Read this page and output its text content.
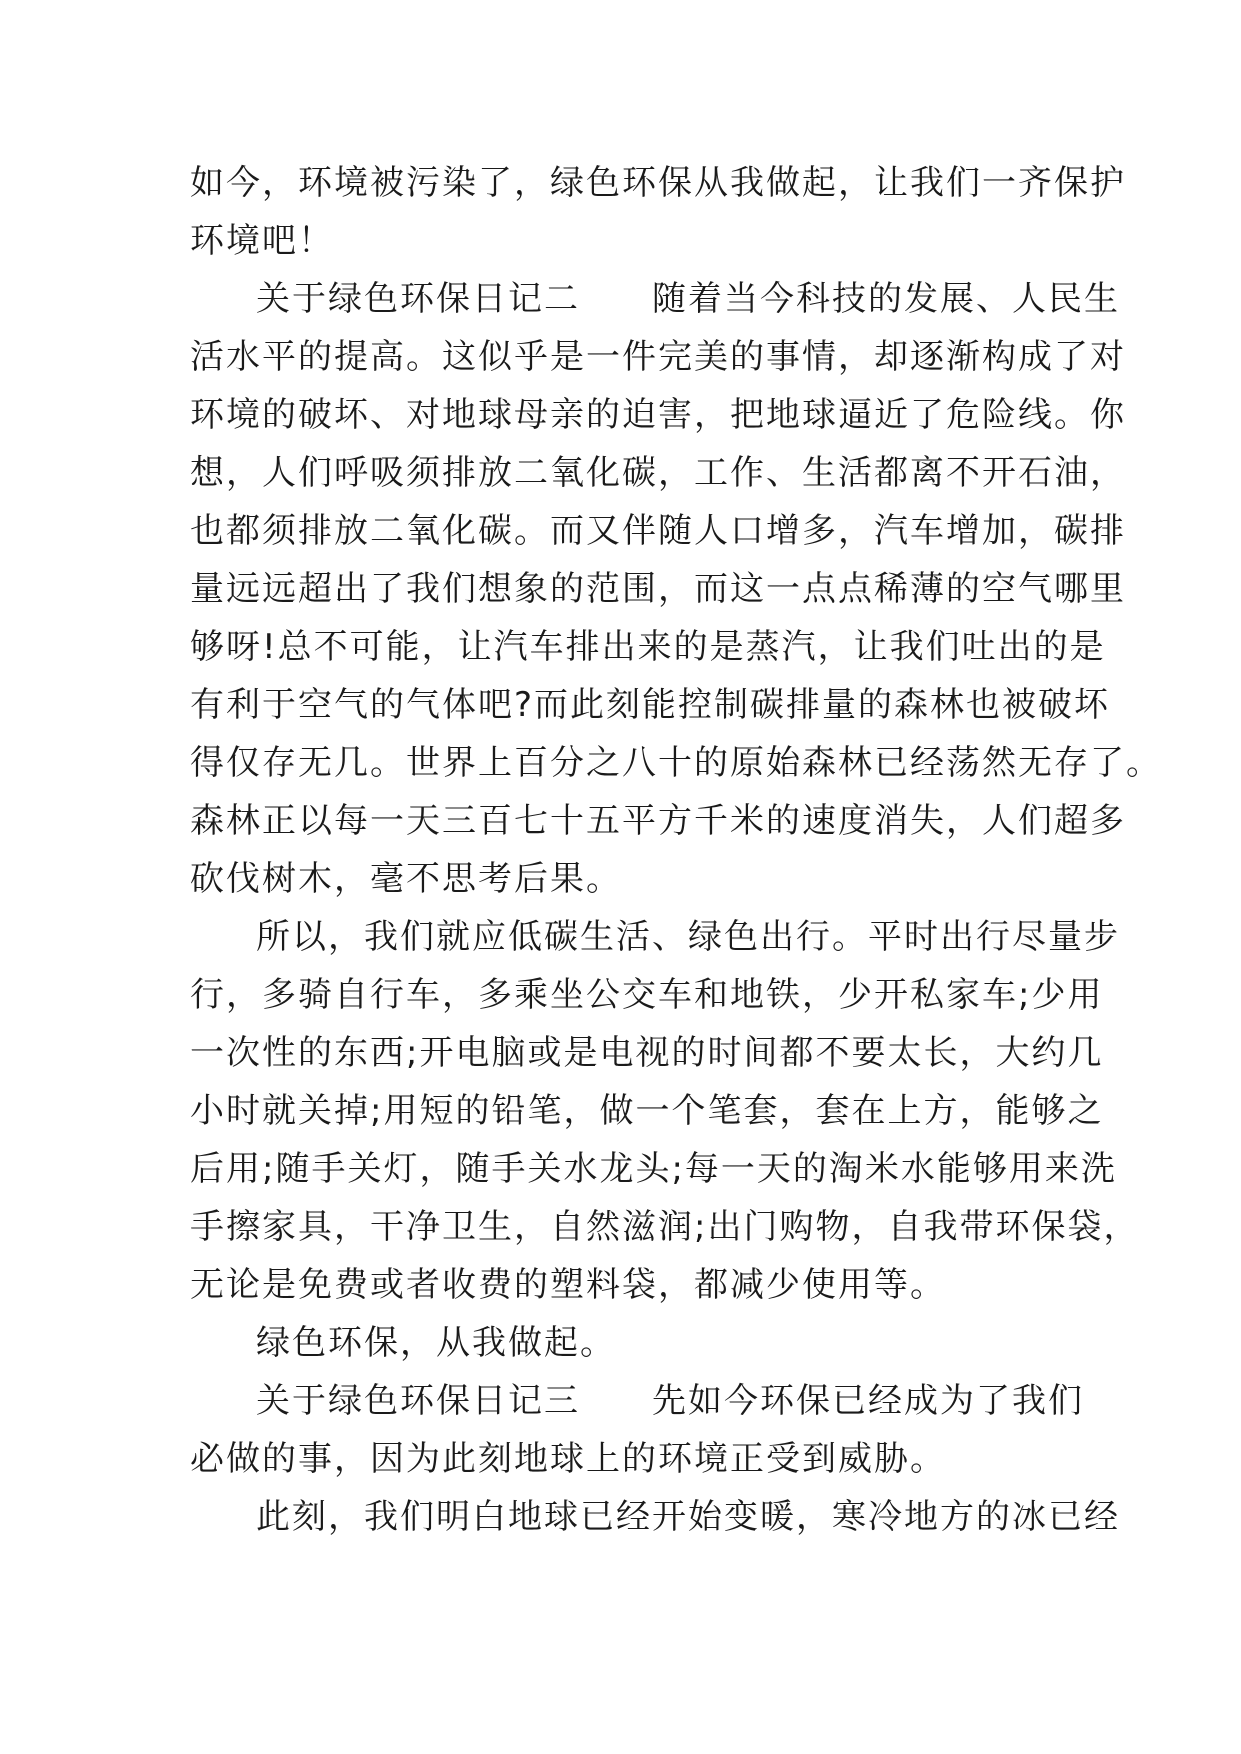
如今，环境被污染了，绿色环保从我做起，让我们一齐保护
环境吧！
关于绿色环保日记二　　随着当今科技的发展、人民生
活水平的提高。这似乎是一件完美的事情，却逐渐构成了对
环境的破坏、对地球母亲的迫害，把地球逼近了危险线。你
想，人们呼吸须排放二氧化碳，工作、生活都离不开石油，
也都须排放二氧化碳。而又伴随人口增多，汽车增加，碳排
量远远超出了我们想象的范围，而这一点点稀薄的空气哪里
够呀!总不可能，让汽车排出来的是蒸汽，让我们吐出的是
有利于空气的气体吧?而此刻能控制碳排量的森林也被破坏
得仅存无几。世界上百分之八十的原始森林已经荡然无存了。
森林正以每一天三百七十五平方千米的速度消失，人们超多
砍伐树木，毫不思考后果。
所以，我们就应低碳生活、绿色出行。平时出行尽量步
行，多骑自行车，多乘坐公交车和地铁，少开私家车;少用
一次性的东西;开电脑或是电视的时间都不要太长，大约几
小时就关掉;用短的铅笔，做一个笔套，套在上方，能够之
后用;随手关灯，随手关水龙头;每一天的淘米水能够用来洗
手擦家具，干净卫生，自然滋润;出门购物，自我带环保袋，
无论是免费或者收费的塑料袋，都减少使用等。
绿色环保，从我做起。
关于绿色环保日记三　　先如今环保已经成为了我们
必做的事，因为此刻地球上的环境正受到威胁。
此刻，我们明白地球已经开始变暖，寒冷地方的冰已经
